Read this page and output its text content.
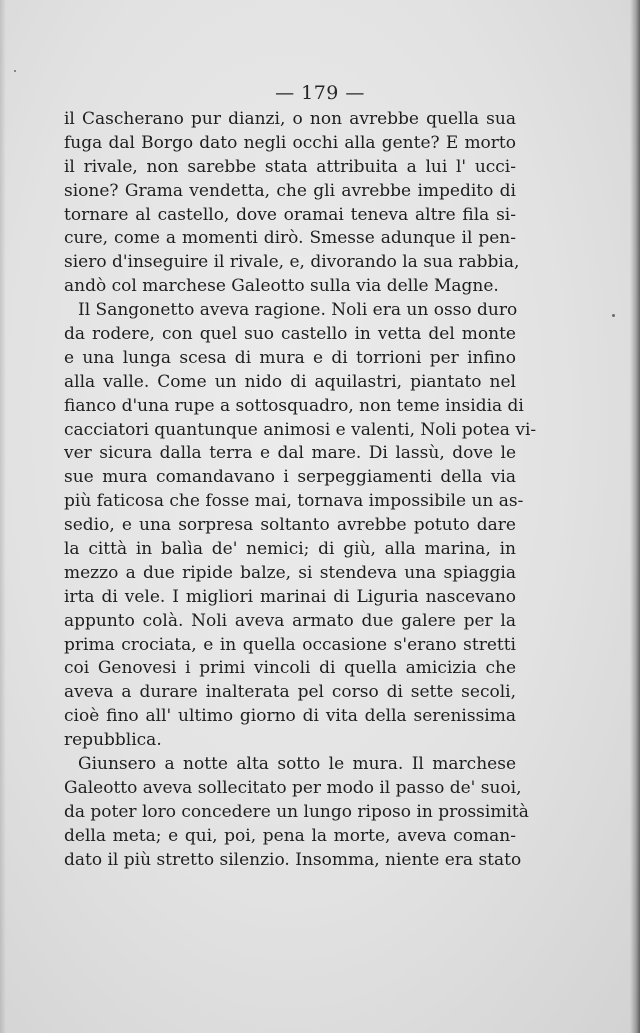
— 179 —
il Cascherano pur dianzi, o non avrebbe quella sua
fuga dal Borgo dato negli occhi alla gente? E morto
il rivale, non sarebbe stata attribuita a lui l' ucci-
sione? Grama vendetta, che gli avrebbe impedito di
tornare al castello, dove oramai teneva altre fila si-
cure, come a momenti dirò. Smesse adunque il pen-
siero d'inseguire il rivale, e, divorando la sua rabbia,
andò col marchese Galeotto sulla via delle Magne.
Il Sangonetto aveva ragione. Noli era un osso duro
da rodere, con quel suo castello in vetta del monte
e una lunga scesa di mura e di torrioni per infino
alla valle. Come un nido di aquilastri, piantato nel
fianco d'una rupe a sottosquadro, non teme insidia di
cacciatori quantunque animosi e valenti, Noli potea vi-
ver sicura dalla terra e dal mare. Di lassù, dove le
sue mura comandavano i serpeggiamenti della via
più faticosa che fosse mai, tornava impossibile un as-
sedio, e una sorpresa soltanto avrebbe potuto dare
la città in balìa de' nemici; di giù, alla marina, in
mezzo a due ripide balze, si stendeva una spiaggia
irta di vele. I migliori marinai di Liguria nascevano
appunto colà. Noli aveva armato due galere per la
prima crociata, e in quella occasione s'erano stretti
coi Genovesi i primi vincoli di quella amicizia che
aveva a durare inalterata pel corso di sette secoli,
cioè fino all' ultimo giorno di vita della serenissima
repubblica.
Giunsero a notte alta sotto le mura. Il marchese
Galeotto aveva sollecitato per modo il passo de' suoi,
da poter loro concedere un lungo riposo in prossimità
della meta; e qui, poi, pena la morte, aveva coman-
dato il più stretto silenzio. Insomma, niente era stato
